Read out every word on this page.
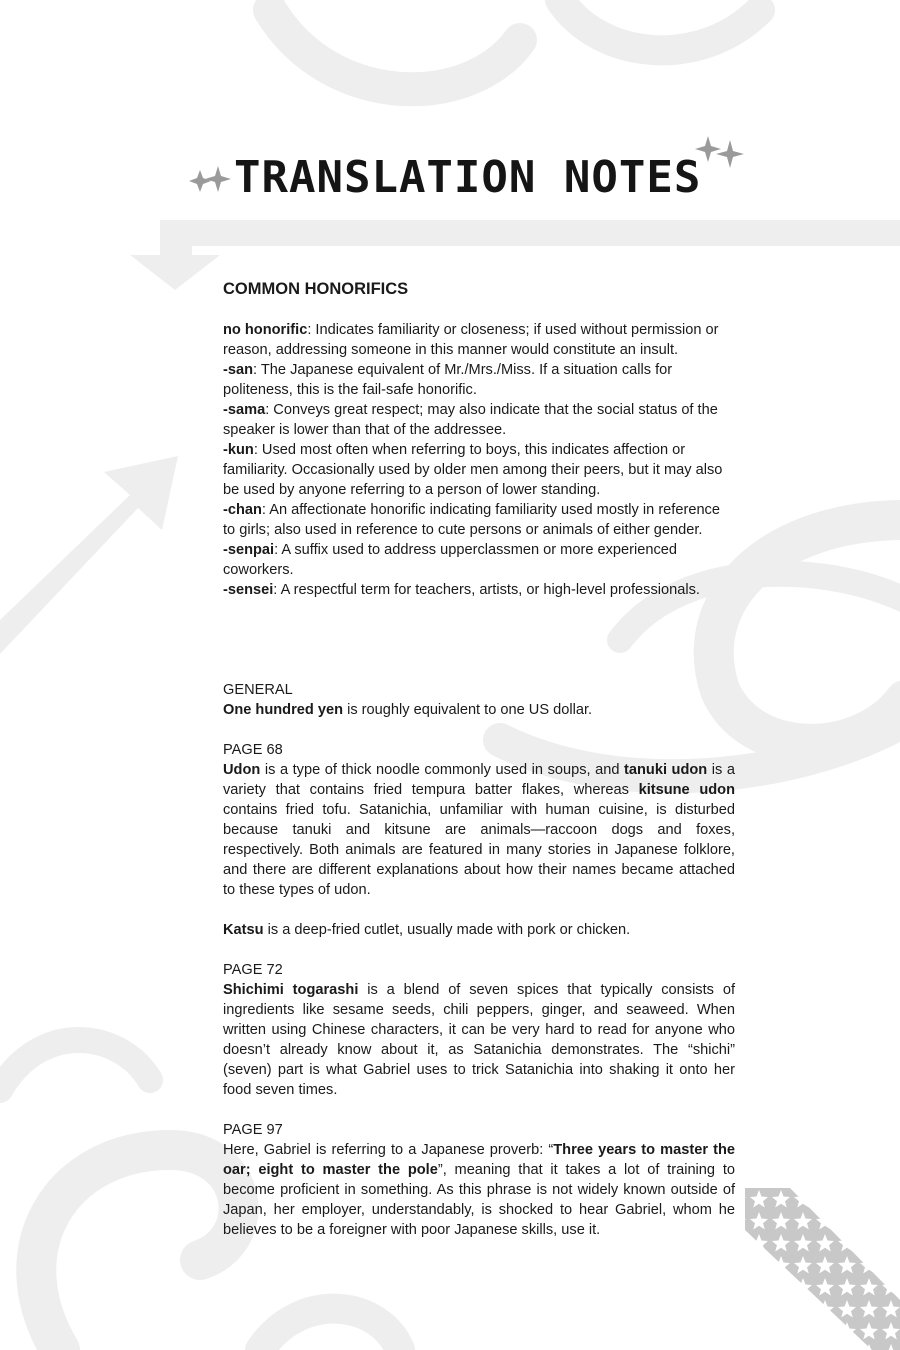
TRANSLATION NOTES
COMMON HONORIFICS

no honorific: Indicates familiarity or closeness; if used without permission or reason, addressing someone in this manner would constitute an insult.

-san: The Japanese equivalent of Mr./Mrs./Miss. If a situation calls for politeness, this is the fail-safe honorific.

-sama: Conveys great respect; may also indicate that the social status of the speaker is lower than that of the addressee.

-kun: Used most often when referring to boys, this indicates affection or familiarity. Occasionally used by older men among their peers, but it may also be used by anyone referring to a person of lower standing.

-chan: An affectionate honorific indicating familiarity used mostly in reference to girls; also used in reference to cute persons or animals of either gender.

-senpai: A suffix used to address upperclassmen or more experienced coworkers.

-sensei: A respectful term for teachers, artists, or high-level professionals.

GENERAL

One hundred yen is roughly equivalent to one US dollar.

PAGE 68

Udon is a type of thick noodle commonly used in soups, and tanuki udon is a variety that contains fried tempura batter flakes, whereas kitsune udon contains fried tofu. Satanichia, unfamiliar with human cuisine, is disturbed because tanuki and kitsune are animals—raccoon dogs and foxes, respectively. Both animals are featured in many stories in Japanese folklore, and there are different explanations about how their names became attached to these types of udon.

Katsu is a deep-fried cutlet, usually made with pork or chicken.

PAGE 72

Shichimi togarashi is a blend of seven spices that typically consists of ingredients like sesame seeds, chili peppers, ginger, and seaweed. When written using Chinese characters, it can be very hard to read for anyone who doesn’t already know about it, as Satanichia demonstrates. The “shichi” (seven) part is what Gabriel uses to trick Satanichia into shaking it onto her food seven times.

PAGE 97

Here, Gabriel is referring to a Japanese proverb: “Three years to master the oar; eight to master the pole”, meaning that it takes a lot of training to become proficient in something. As this phrase is not widely known outside of Japan, her employer, understandably, is shocked to hear Gabriel, whom he believes to be a foreigner with poor Japanese skills, use it.
